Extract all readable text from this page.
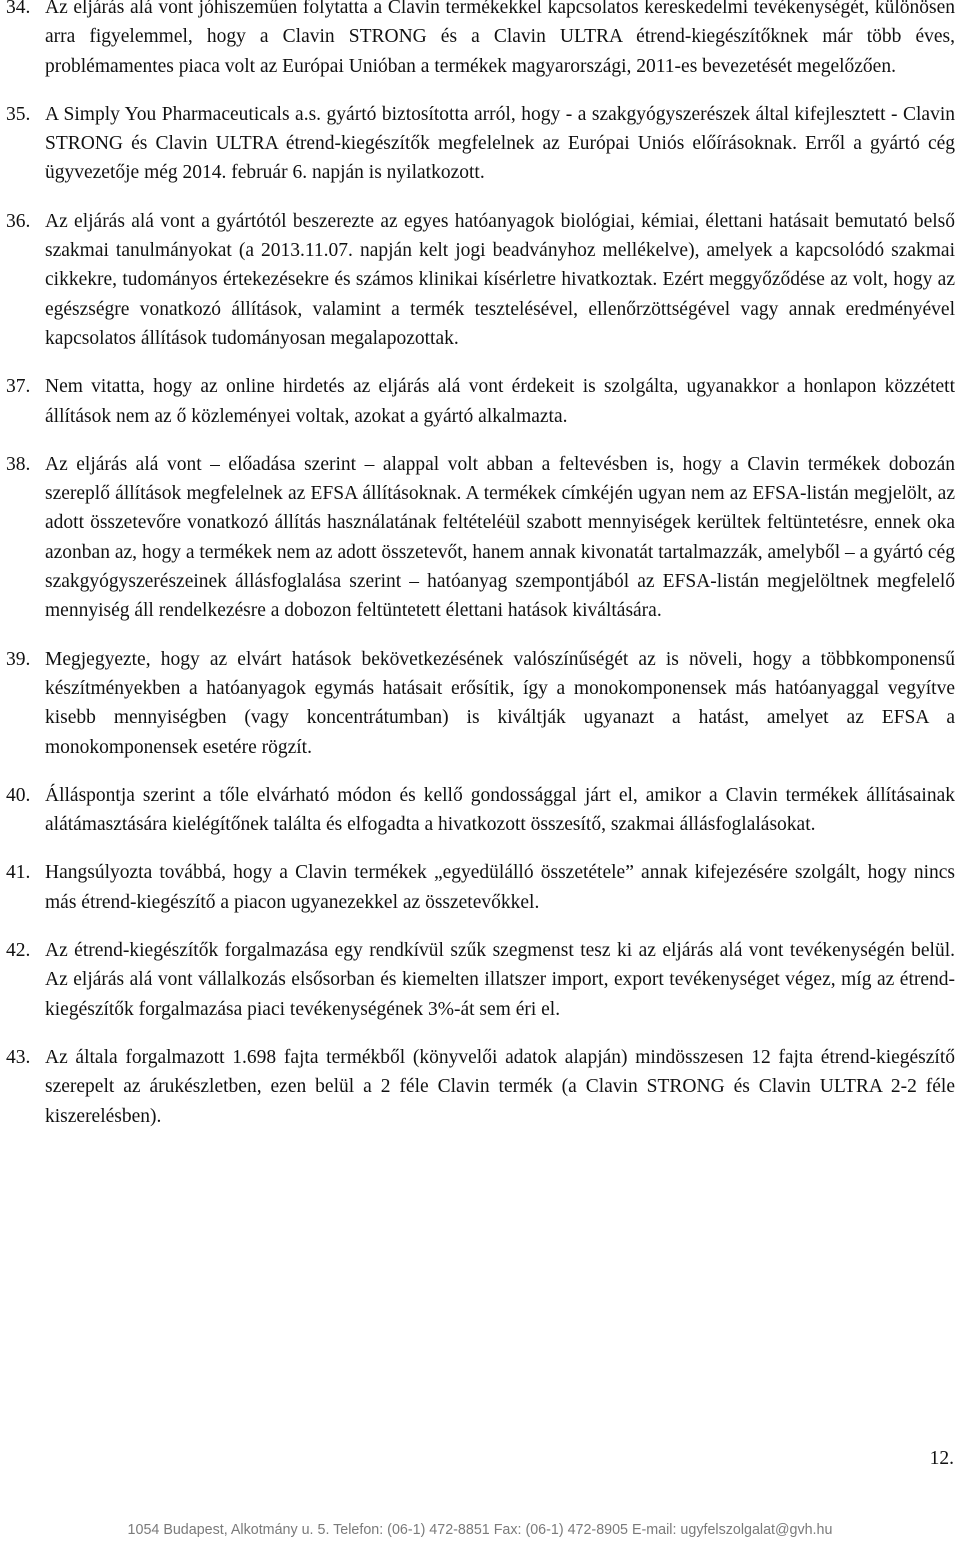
34. Az eljárás alá vont jóhiszeműen folytatta a Clavin termékekkel kapcsolatos kereskedelmi tevékenységét, különösen arra figyelemmel, hogy a Clavin STRONG és a Clavin ULTRA étrend-kiegészítőknek már több éves, problémamentes piaca volt az Európai Unióban a termékek magyarországi, 2011-es bevezetését megelőzően.
35. A Simply You Pharmaceuticals a.s. gyártó biztosította arról, hogy - a szakgyógyszerészek által kifejlesztett - Clavin STRONG és Clavin ULTRA étrend-kiegészítők megfelelnek az Európai Uniós előírásoknak. Erről a gyártó cég ügyvezetője még 2014. február 6. napján is nyilatkozott.
36. Az eljárás alá vont a gyártótól beszerezte az egyes hatóanyagok biológiai, kémiai, élettani hatásait bemutató belső szakmai tanulmányokat (a 2013.11.07. napján kelt jogi beadványhoz mellékelve), amelyek a kapcsolódó szakmai cikkekre, tudományos értekezésekre és számos klinikai kísérletre hivatkoztak. Ezért meggyőződése az volt, hogy az egészségre vonatkozó állítások, valamint a termék tesztelésével, ellenőrzöttségével vagy annak eredményével kapcsolatos állítások tudományosan megalapozottak.
37. Nem vitatta, hogy az online hirdetés az eljárás alá vont érdekeit is szolgálta, ugyanakkor a honlapon közzétett állítások nem az ő közleményei voltak, azokat a gyártó alkalmazta.
38. Az eljárás alá vont – előadása szerint – alappal volt abban a feltevésben is, hogy a Clavin termékek dobozán szereplő állítások megfelelnek az EFSA állításoknak. A termékek címkéjén ugyan nem az EFSA-listán megjelölt, az adott összetevőre vonatkozó állítás használatának feltételéül szabott mennyiségek kerültek feltüntetésre, ennek oka azonban az, hogy a termékek nem az adott összetevőt, hanem annak kivonatát tartalmazzák, amelyből – a gyártó cég szakgyógyszerészeinek állásfoglalása szerint – hatóanyag szempontjából az EFSA-listán megjelöltnek megfelelő mennyiség áll rendelkezésre a dobozon feltüntetett élettani hatások kiváltására.
39. Megjegyezte, hogy az elvárt hatások bekövetkezésének valószínűségét az is növeli, hogy a többkomponensű készítményekben a hatóanyagok egymás hatásait erősítik, így a monokomponensek más hatóanyaggal vegyítve kisebb mennyiségben (vagy koncentrátumban) is kiváltják ugyanazt a hatást, amelyet az EFSA a monokomponensek esetére rögzít.
40. Álláspontja szerint a tőle elvárható módon és kellő gondossággal járt el, amikor a Clavin termékek állításainak alátámasztására kielégítőnek találta és elfogadta a hivatkozott összesítő, szakmai állásfoglalásokat.
41. Hangsúlyozta továbbá, hogy a Clavin termékek „egyedülálló összetétele” annak kifejezésére szolgált, hogy nincs más étrend-kiegészítő a piacon ugyanezekkel az összetevőkkel.
42. Az étrend-kiegészítők forgalmazása egy rendkívül szűk szegmenst tesz ki az eljárás alá vont tevékenységén belül. Az eljárás alá vont vállalkozás elsősorban és kiemelten illatszer import, export tevékenységet végez, míg az étrend-kiegészítők forgalmazása piaci tevékenységének 3%-át sem éri el.
43. Az általa forgalmazott 1.698 fajta termékből (könyvelői adatok alapján) mindösszesen 12 fajta étrend-kiegészítő szerepelt az árukészletben, ezen belül a 2 féle Clavin termék (a Clavin STRONG és Clavin ULTRA 2-2 féle kiszerelésben).
12.
1054 Budapest, Alkotmány u. 5. Telefon: (06-1) 472-8851 Fax: (06-1) 472-8905 E-mail: ugyfelszolgalat@gvh.hu
